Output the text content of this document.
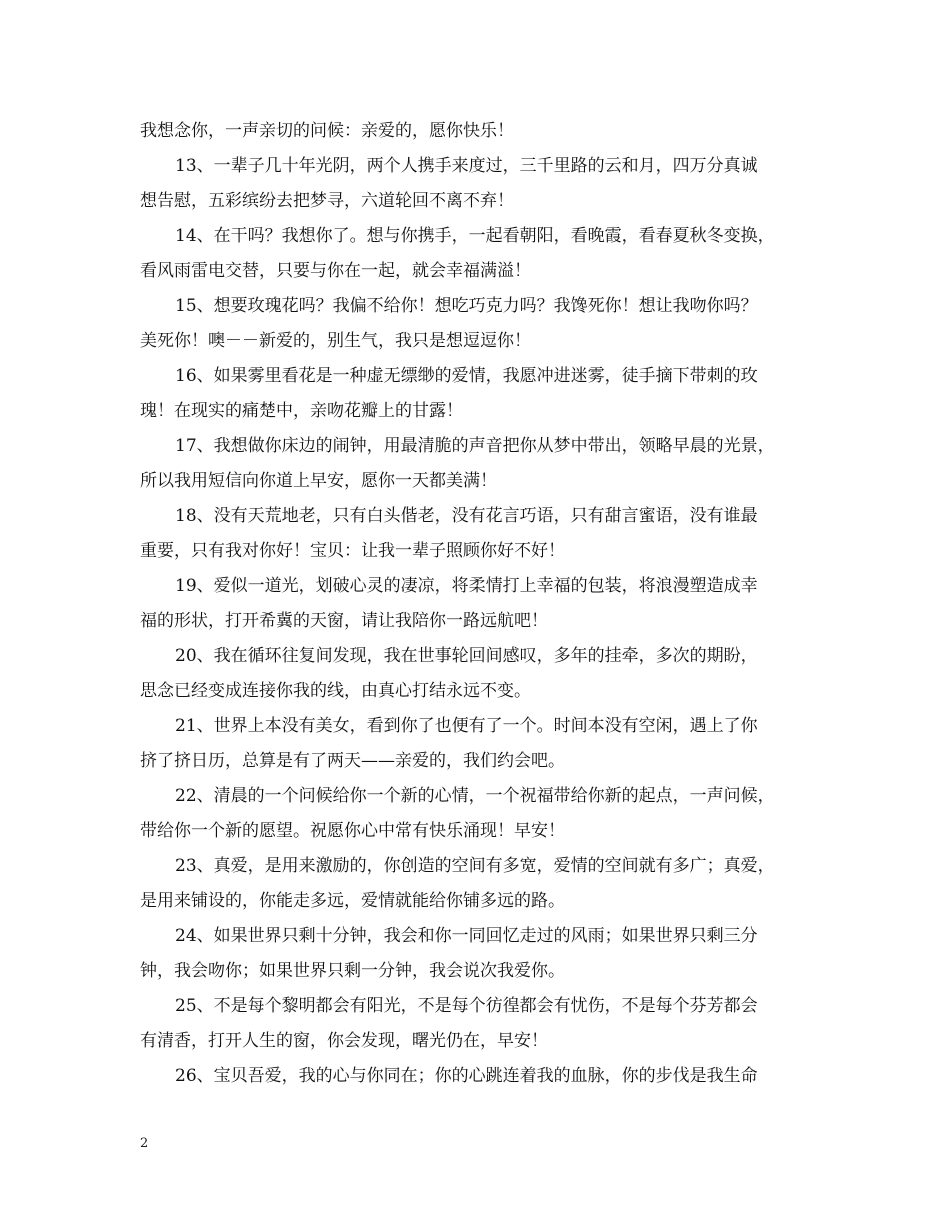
我想念你，一声亲切的问候：亲爱的，愿你快乐！
13、一辈子几十年光阴，两个人携手来度过，三千里路的云和月，四万分真诚
想告慰，五彩缤纷去把梦寻，六道轮回不离不弃！
14、在干吗？我想你了。想与你携手，一起看朝阳，看晚霞，看春夏秋冬变换，
看风雨雷电交替，只要与你在一起，就会幸福满溢！
15、想要玫瑰花吗？我偏不给你！想吃巧克力吗？我馋死你！想让我吻你吗？
美死你！噢－－新爱的，别生气，我只是想逗逗你！
16、如果雾里看花是一种虚无缥缈的爱情，我愿冲进迷雾，徒手摘下带刺的玫
瑰！在现实的痛楚中，亲吻花瓣上的甘露！
17、我想做你床边的闹钟，用最清脆的声音把你从梦中带出，领略早晨的光景，
所以我用短信向你道上早安，愿你一天都美满！
18、没有天荒地老，只有白头偕老，没有花言巧语，只有甜言蜜语，没有谁最
重要，只有我对你好！宝贝：让我一辈子照顾你好不好！
19、爱似一道光，划破心灵的凄凉，将柔情打上幸福的包装，将浪漫塑造成幸
福的形状，打开希冀的天窗，请让我陪你一路远航吧！
20、我在循环往复间发现，我在世事轮回间感叹，多年的挂牵，多次的期盼，
思念已经变成连接你我的线，由真心打结永远不变。
21、世界上本没有美女，看到你了也便有了一个。时间本没有空闲，遇上了你
挤了挤日历，总算是有了两天——亲爱的，我们约会吧。
22、清晨的一个问候给你一个新的心情，一个祝福带给你新的起点，一声问候，
带给你一个新的愿望。祝愿你心中常有快乐涌现！早安！
23、真爱，是用来激励的，你创造的空间有多宽，爱情的空间就有多广；真爱，
是用来铺设的，你能走多远，爱情就能给你铺多远的路。
24、如果世界只剩十分钟，我会和你一同回忆走过的风雨；如果世界只剩三分
钟，我会吻你；如果世界只剩一分钟，我会说次我爱你。
25、不是每个黎明都会有阳光，不是每个彷徨都会有忧伤，不是每个芬芳都会
有清香，打开人生的窗，你会发现，曙光仍在，早安！
26、宝贝吾爱，我的心与你同在；你的心跳连着我的血脉，你的步伐是我生命
2
